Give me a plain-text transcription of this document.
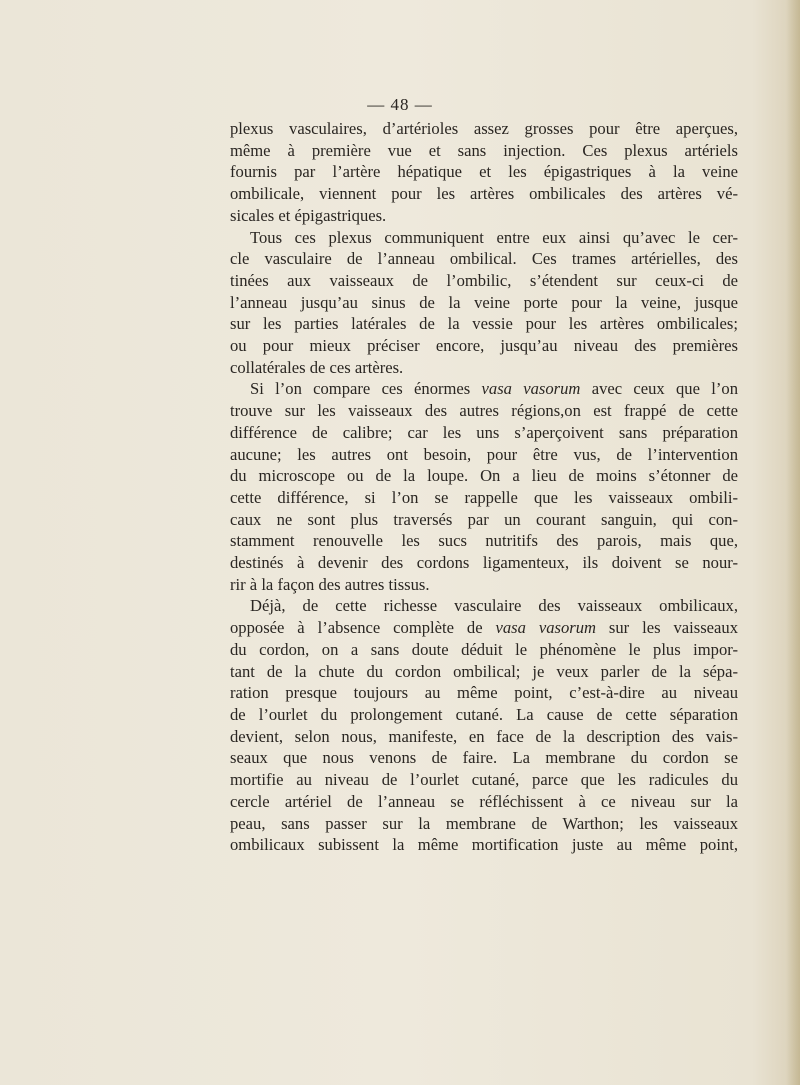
— 48 —
plexus vasculaires, d’artérioles assez grosses pour être aperçues,
même à première vue et sans injection. Ces plexus artériels
fournis par l’artère hépatique et les épigastriques à la veine
ombilicale, viennent pour les artères ombilicales des artères vé-
sicales et épigastriques.
Tous ces plexus communiquent entre eux ainsi qu’avec le cer-
cle vasculaire de l’anneau ombilical. Ces trames artérielles, des
tinées aux vaisseaux de l’ombilic, s’étendent sur ceux-ci de
l’anneau jusqu’au sinus de la veine porte pour la veine, jusque
sur les parties latérales de la vessie pour les artères ombilicales;
ou pour mieux préciser encore, jusqu’au niveau des premières
collatérales de ces artères.
Si l’on compare ces énormes vasa vasorum avec ceux que l’on
trouve sur les vaisseaux des autres régions,on est frappé de cette
différence de calibre; car les uns s’aperçoivent sans préparation
aucune; les autres ont besoin, pour être vus, de l’intervention
du microscope ou de la loupe. On a lieu de moins s’étonner de
cette différence, si l’on se rappelle que les vaisseaux ombili-
caux ne sont plus traversés par un courant sanguin, qui con-
stamment renouvelle les sucs nutritifs des parois, mais que,
destinés à devenir des cordons ligamenteux, ils doivent se nour-
rir à la façon des autres tissus.
Déjà, de cette richesse vasculaire des vaisseaux ombilicaux,
opposée à l’absence complète de vasa vasorum sur les vaisseaux
du cordon, on a sans doute déduit le phénomène le plus impor-
tant de la chute du cordon ombilical; je veux parler de la sépa-
ration presque toujours au même point, c’est-à-dire au niveau
de l’ourlet du prolongement cutané. La cause de cette séparation
devient, selon nous, manifeste, en face de la description des vais-
seaux que nous venons de faire. La membrane du cordon se
mortifie au niveau de l’ourlet cutané, parce que les radicules du
cercle artériel de l’anneau se réfléchissent à ce niveau sur la
peau, sans passer sur la membrane de Warthon; les vaisseaux
ombilicaux subissent la même mortification juste au même point,
